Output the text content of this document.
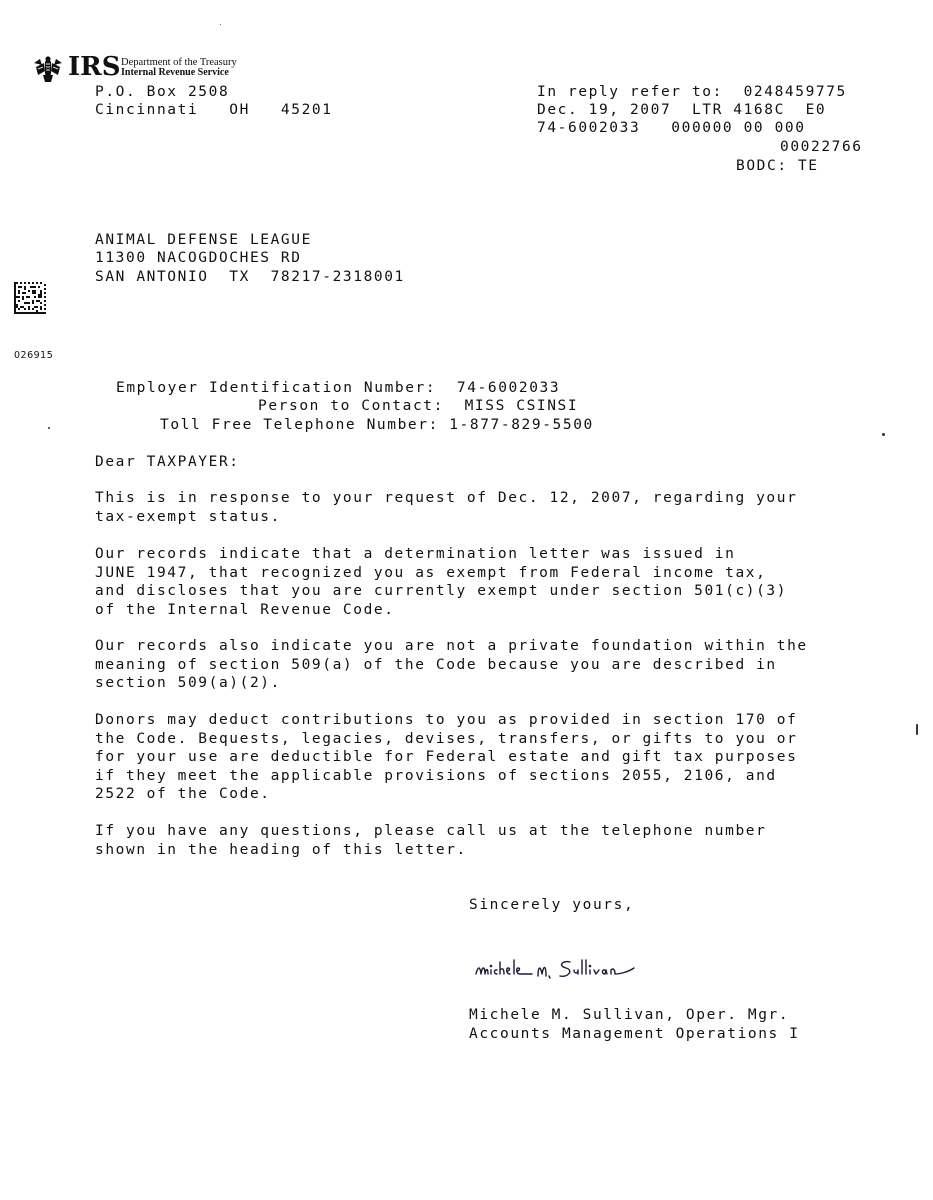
IRS Department of the Treasury
Internal Revenue Service
P.O. Box 2508
Cincinnati   OH   45201
In reply refer to:  0248459775
Dec. 19, 2007  LTR 4168C  E0
74-6002033   000000 00 000
00022766
BODC: TE
ANIMAL DEFENSE LEAGUE
11300 NACOGDOCHES RD
SAN ANTONIO  TX  78217-2318001
026915
Employer Identification Number:  74-6002033
Person to Contact:  MISS CSINSI
Toll Free Telephone Number: 1-877-829-5500
Dear TAXPAYER:
This is in response to your request of Dec. 12, 2007, regarding your
tax-exempt status.
Our records indicate that a determination letter was issued in
JUNE 1947, that recognized you as exempt from Federal income tax,
and discloses that you are currently exempt under section 501(c)(3)
of the Internal Revenue Code.
Our records also indicate you are not a private foundation within the
meaning of section 509(a) of the Code because you are described in
section 509(a)(2).
Donors may deduct contributions to you as provided in section 170 of
the Code. Bequests, legacies, devises, transfers, or gifts to you or
for your use are deductible for Federal estate and gift tax purposes
if they meet the applicable provisions of sections 2055, 2106, and
2522 of the Code.
If you have any questions, please call us at the telephone number
shown in the heading of this letter.
Sincerely yours,
Michele M. Sullivan, Oper. Mgr.
Accounts Management Operations I
